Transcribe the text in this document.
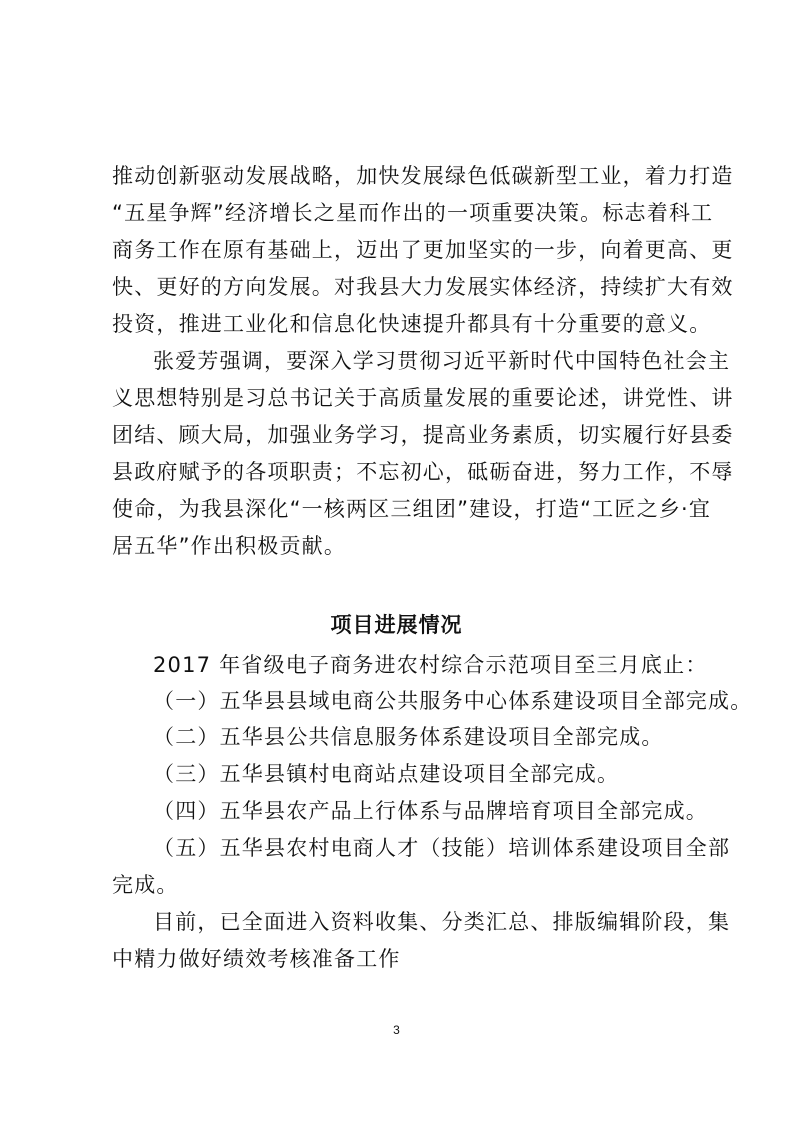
推动创新驱动发展战略，加快发展绿色低碳新型工业，着力打造
“五星争辉”经济增长之星而作出的一项重要决策。标志着科工
商务工作在原有基础上，迈出了更加坚实的一步，向着更高、更
快、更好的方向发展。对我县大力发展实体经济，持续扩大有效
投资，推进工业化和信息化快速提升都具有十分重要的意义。
张爱芳强调，要深入学习贯彻习近平新时代中国特色社会主
义思想特别是习总书记关于高质量发展的重要论述，讲党性、讲
团结、顾大局，加强业务学习，提高业务素质，切实履行好县委
县政府赋予的各项职责；不忘初心，砥砺奋进，努力工作，不辱
使命，为我县深化“一核两区三组团”建设，打造“工匠之乡·宜
居五华”作出积极贡献。
项目进展情况
2017 年省级电子商务进农村综合示范项目至三月底止：
（一）五华县县域电商公共服务中心体系建设项目全部完成。
（二）五华县公共信息服务体系建设项目全部完成。
（三）五华县镇村电商站点建设项目全部完成。
（四）五华县农产品上行体系与品牌培育项目全部完成。
（五）五华县农村电商人才（技能）培训体系建设项目全部
完成。
目前，已全面进入资料收集、分类汇总、排版编辑阶段，集
中精力做好绩效考核准备工作
3
